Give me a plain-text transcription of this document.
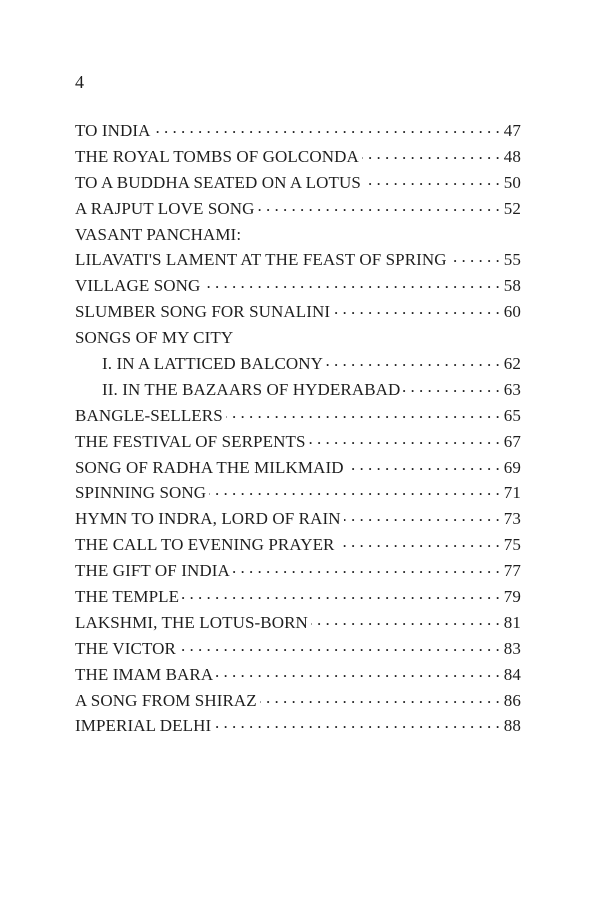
4
TO INDIA . . .	47
THE ROYAL TOMBS OF GOLCONDA . . .	48
TO A BUDDHA SEATED ON A LOTUS . . .	50
A RAJPUT LOVE SONG . . .	52
VASANT PANCHAMI:
LILAVATI'S LAMENT AT THE FEAST OF SPRING . . .	55
VILLAGE SONG . . .	58
SLUMBER SONG FOR SUNALINI . . .	60
SONGS OF MY CITY
I. IN A LATTICED BALCONY . . .	62
II. IN THE BAZAARS OF HYDERABAD . . .	63
BANGLE-SELLERS . . .	65
THE FESTIVAL OF SERPENTS . . .	67
SONG OF RADHA THE MILKMAID . . .	69
SPINNING SONG . . .	71
HYMN TO INDRA, LORD OF RAIN . . .	73
THE CALL TO EVENING PRAYER . . .	75
THE GIFT OF INDIA . . .	77
THE TEMPLE . . .	79
LAKSHMI, THE LOTUS-BORN . . .	81
THE VICTOR . . .	83
THE IMAM BARA . . .	84
A SONG FROM SHIRAZ . . .	86
IMPERIAL DELHI . . .	88
